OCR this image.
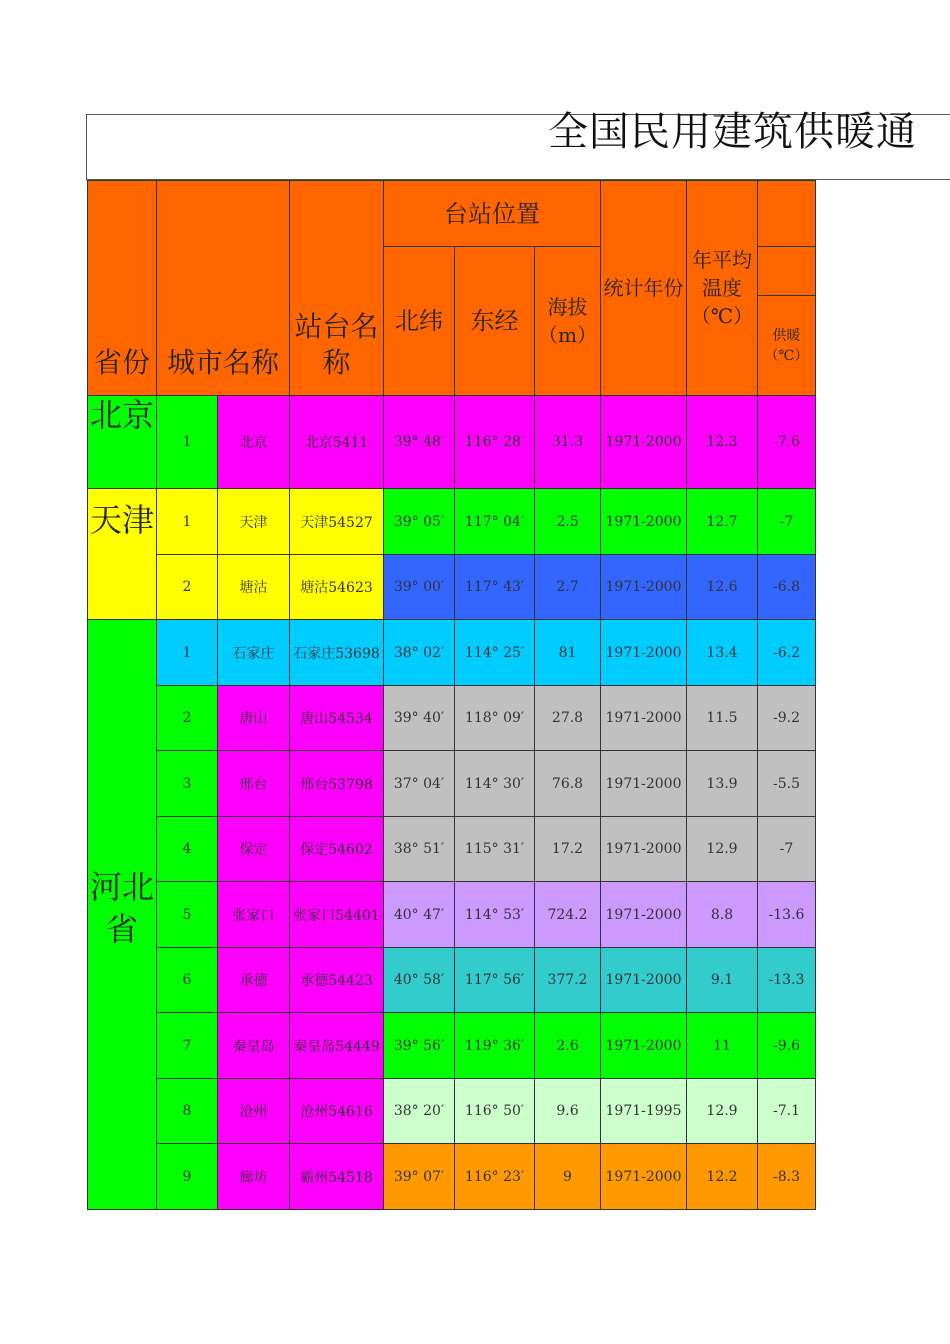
全国民用建筑供暖通
省份	城市名称		站台名称	台站位置			统计年份	年平均温度（℃）	
				北纬	东经	海拔（m）			
									供暖（℃）
北京	1	北京	北京5411	39° 48′	116° 28′	31.3	1971-2000	12.3	-7.6
天津	1	天津	天津54527	39° 05′	117° 04′	2.5	1971-2000	12.7	-7
	2	塘沽	塘沽54623	39° 00′	117° 43′	2.7	1971-2000	12.6	-6.8
河北省	1	石家庄	石家庄53698	38° 02′	114° 25′	81	1971-2000	13.4	-6.2
	2	唐山	唐山54534	39° 40′	118° 09′	27.8	1971-2000	11.5	-9.2
	3	邢台	邢台53798	37° 04′	114° 30′	76.8	1971-2000	13.9	-5.5
	4	保定	保定54602	38° 51′	115° 31′	17.2	1971-2000	12.9	-7
	5	张家口	张家口54401	40° 47′	114° 53′	724.2	1971-2000	8.8	-13.6
	6	承德	承德54423	40° 58′	117° 56′	377.2	1971-2000	9.1	-13.3
	7	秦皇岛	秦皇岛54449	39° 56′	119° 36′	2.6	1971-2000	11	-9.6
	8	沧州	沧州54616	38° 20′	116° 50′	9.6	1971-1995	12.9	-7.1
	9	廊坊	霸州54518	39° 07′	116° 23′	9	1971-2000	12.2	-8.3
